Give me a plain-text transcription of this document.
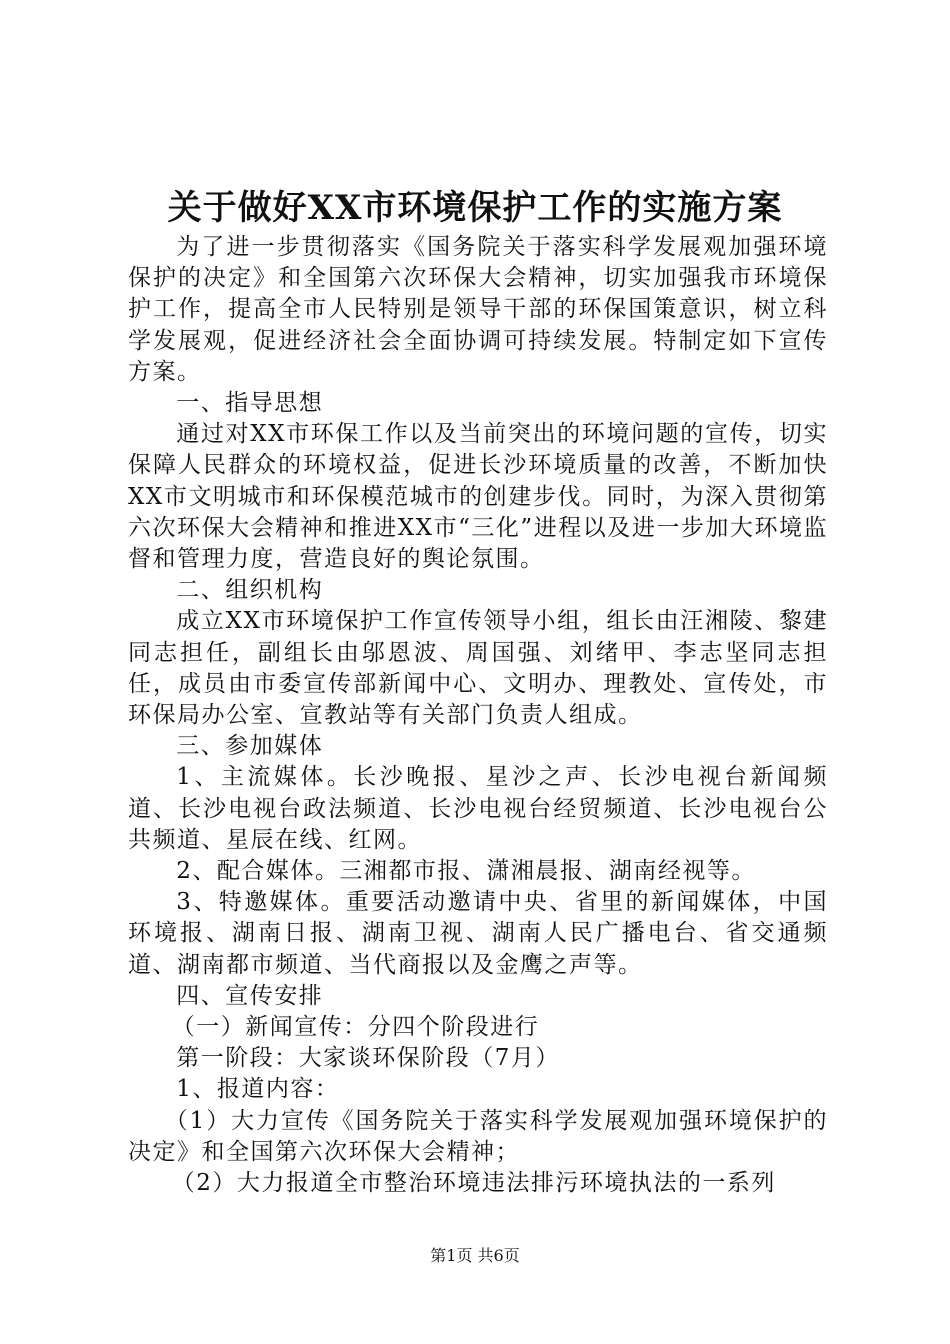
关于做好XX市环境保护工作的实施方案

为了进一步贯彻落实《国务院关于落实科学发展观加强环境保护的决定》和全国第六次环保大会精神，切实加强我市环境保护工作，提高全市人民特别是领导干部的环保国策意识，树立科学发展观，促进经济社会全面协调可持续发展。特制定如下宣传方案。

一、指导思想

通过对XX市环保工作以及当前突出的环境问题的宣传，切实保障人民群众的环境权益，促进长沙环境质量的改善，不断加快XX市文明城市和环保模范城市的创建步伐。同时，为深入贯彻第六次环保大会精神和推进XX市“三化”进程以及进一步加大环境监督和管理力度，营造良好的舆论氛围。

二、组织机构

成立XX市环境保护工作宣传领导小组，组长由汪湘陵、黎建同志担任，副组长由邬恩波、周国强、刘绪甲、李志坚同志担任，成员由市委宣传部新闻中心、文明办、理教处、宣传处，市环保局办公室、宣教站等有关部门负责人组成。

三、参加媒体

1、主流媒体。长沙晚报、星沙之声、长沙电视台新闻频道、长沙电视台政法频道、长沙电视台经贸频道、长沙电视台公共频道、星辰在线、红网。

2、配合媒体。三湘都市报、潇湘晨报、湖南经视等。

3、特邀媒体。重要活动邀请中央、省里的新闻媒体，中国环境报、湖南日报、湖南卫视、湖南人民广播电台、省交通频道、湖南都市频道、当代商报以及金鹰之声等。

四、宣传安排

（一）新闻宣传：分四个阶段进行

第一阶段：大家谈环保阶段（7月）

1、报道内容：

（1）大力宣传《国务院关于落实科学发展观加强环境保护的决定》和全国第六次环保大会精神；

（2）大力报道全市整治环境违法排污环境执法的一系列

第1页 共6页
